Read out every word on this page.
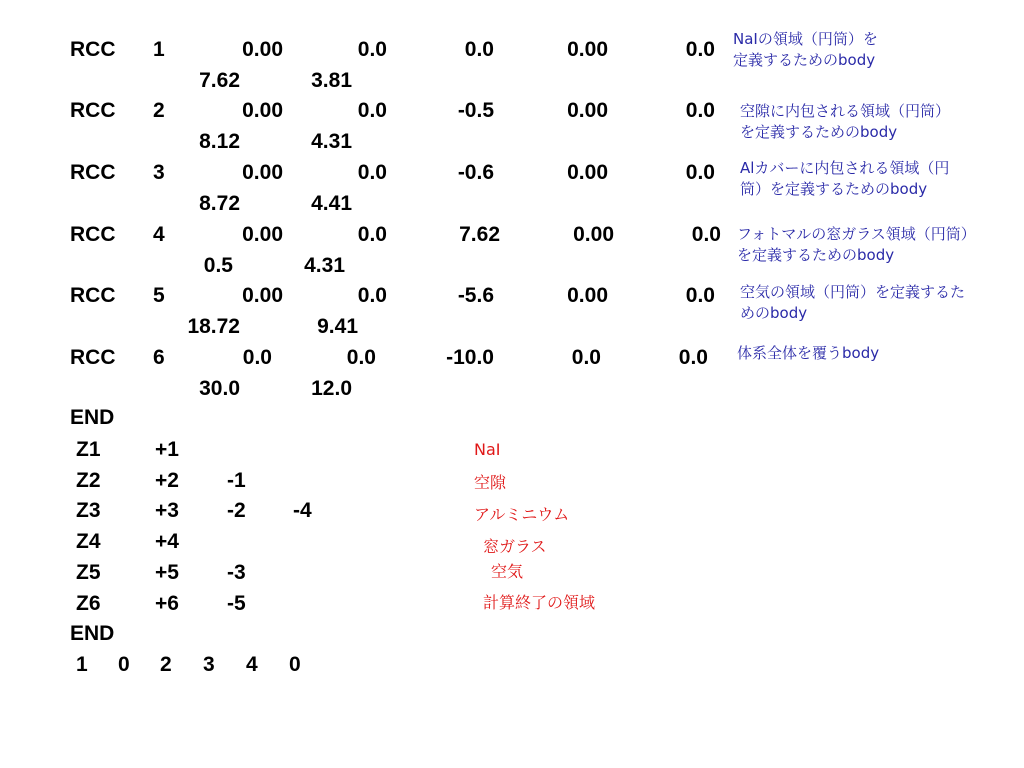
RCC 1	0.00	0.0	0.0	0.00	0.0
7.62	3.81
RCC 2	0.00	0.0	-0.5	0.00	0.0
8.12	4.31
RCC 3	0.00	0.0	-0.6	0.00	0.0
8.72	4.41
RCC 4	0.00	0.0	7.62	0.00	0.0
0.5	4.31
RCC 5	0.00	0.0	-5.6	0.00	0.0
18.72	9.41
RCC 6	0.0	0.0	-10.0	0.0	0.0
30.0	12.0
END
Z1	+1
Z2	+2 -1
Z3	+3 -2 -4
Z4	+4
Z5	+5 -3
Z6	+6 -5
END
1 0 2 3 4 0
NaIの領域（円筒）を
定義するためのbody
空隙に内包される領域（円筒）
を定義するためのbody
Alカバーに内包される領域（円
筒）を定義するためのbody
フォトマルの窓ガラス領域（円筒）
を定義するためのbody
空気の領域（円筒）を定義するた
めのbody
体系全体を覆うbody
NaI
空隙
アルミニウム
窓ガラス
空気
計算終了の領域
